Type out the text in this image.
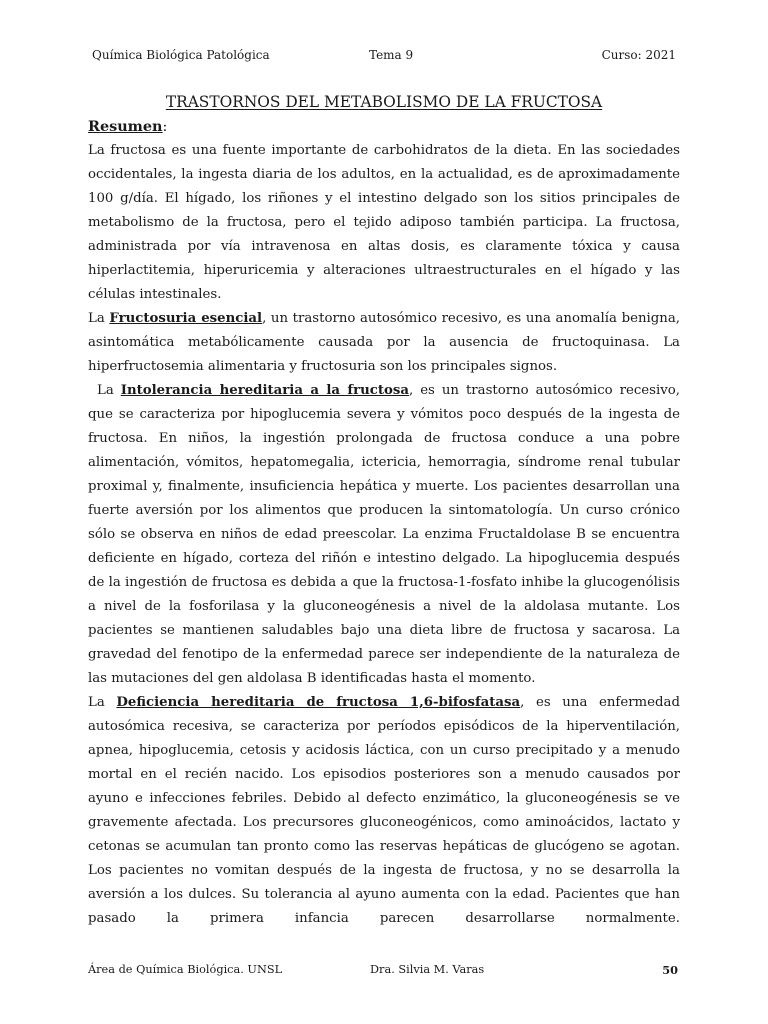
Química Biológica Patológica	Tema 9	Curso: 2021
TRASTORNOS DEL METABOLISMO DE LA FRUCTOSA

Resumen:

La fructosa es una fuente importante de carbohidratos de la dieta. En las sociedades occidentales, la ingesta diaria de los adultos, en la actualidad, es de aproximadamente 100 g/día. El hígado, los riñones y el intestino delgado son los sitios principales de metabolismo de la fructosa, pero el tejido adiposo también participa. La fructosa, administrada por vía intravenosa en altas dosis, es claramente tóxica y causa hiperlactitemia, hiperuricemia y alteraciones ultraestructurales en el hígado y las células intestinales.

La Fructosuria esencial, un trastorno autosómico recesivo, es una anomalía benigna, asintomática metabólicamente causada por la ausencia de fructoquinasa. La hiperfructosemia alimentaria y fructosuria son los principales signos.

La Intolerancia hereditaria a la fructosa, es un trastorno autosómico recesivo, que se caracteriza por hipoglucemia severa y vómitos poco después de la ingesta de fructosa. En niños, la ingestión prolongada de fructosa conduce a una pobre alimentación, vómitos, hepatomegalia, ictericia, hemorragia, síndrome renal tubular proximal y, finalmente, insuficiencia hepática y muerte. Los pacientes desarrollan una fuerte aversión por los alimentos que producen la sintomatología. Un curso crónico sólo se observa en niños de edad preescolar. La enzima Fructaldolase B se encuentra deficiente en hígado, corteza del riñón e intestino delgado. La hipoglucemia después de la ingestión de fructosa es debida a que la fructosa-1-fosfato inhibe la glucogenólisis a nivel de la fosforilasa y la gluconeogénesis a nivel de la aldolasa mutante. Los pacientes se mantienen saludables bajo una dieta libre de fructosa y sacarosa. La gravedad del fenotipo de la enfermedad parece ser independiente de la naturaleza de las mutaciones del gen aldolasa B identificadas hasta el momento.

La Deficiencia hereditaria de fructosa 1,6-bifosfatasa, es una enfermedad autosómica recesiva, se caracteriza por períodos episódicos de la hiperventilación, apnea, hipoglucemia, cetosis y acidosis láctica, con un curso precipitado y a menudo mortal en el recién nacido. Los episodios posteriores son a menudo causados por ayuno e infecciones febriles. Debido al defecto enzimático, la gluconeogénesis se ve gravemente afectada. Los precursores gluconeogénicos, como aminoácidos, lactato y cetonas se acumulan tan pronto como las reservas hepáticas de glucógeno se agotan. Los pacientes no vomitan después de la ingesta de fructosa, y no se desarrolla la aversión a los dulces. Su tolerancia al ayuno aumenta con la edad. Pacientes que han pasado la primera infancia parecen desarrollarse normalmente.

Área de Química Biológica. UNSL	Dra. Silvia M. Varas	50
